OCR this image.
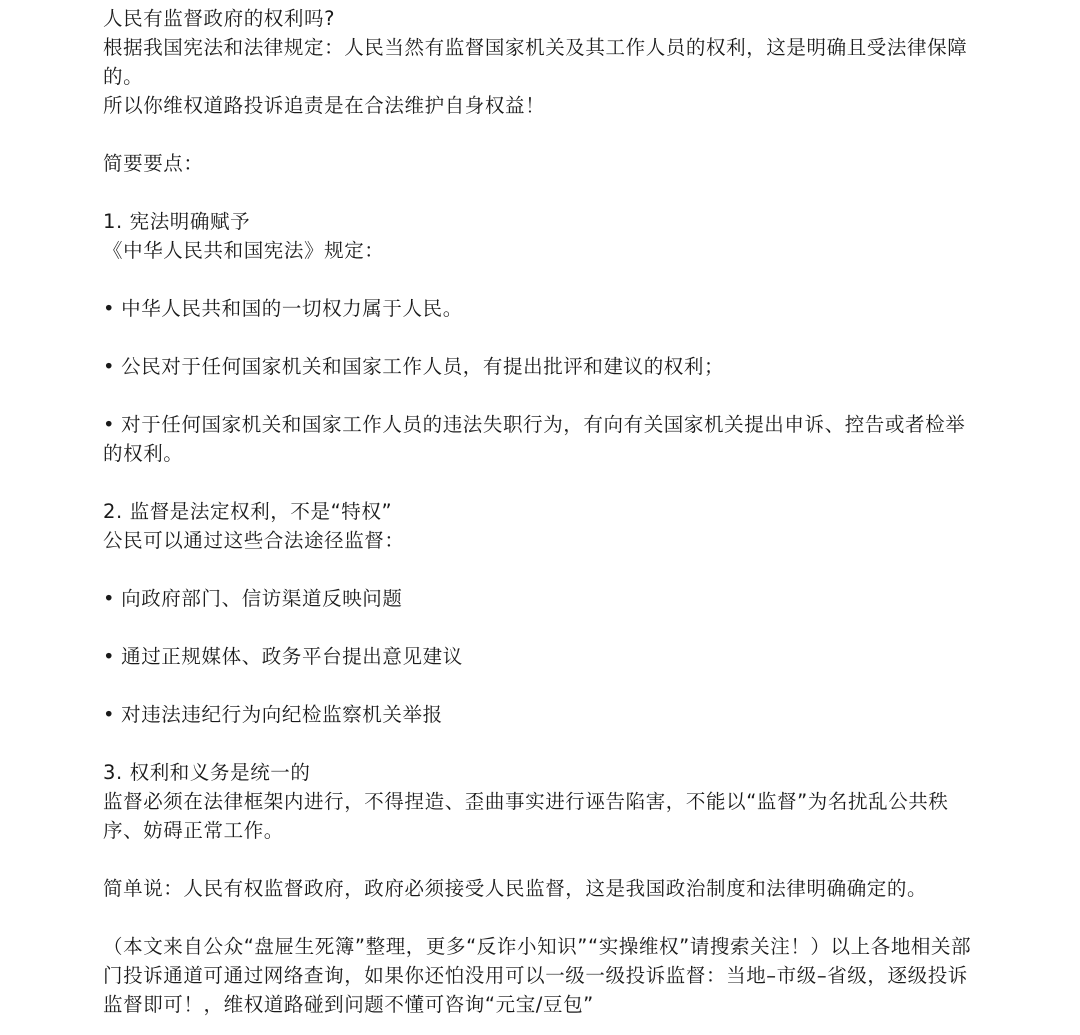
人民有监督政府的权利吗?

根据我国宪法和法律规定：人民当然有监督国家机关及其工作人员的权利，这是明确且受法律保障的。

所以你维权道路投诉追责是在合法维护自身权益！

简要要点：

1. 宪法明确赋予

《中华人民共和国宪法》规定：

• 中华人民共和国的一切权力属于人民。

• 公民对于任何国家机关和国家工作人员，有提出批评和建议的权利；

• 对于任何国家机关和国家工作人员的违法失职行为，有向有关国家机关提出申诉、控告或者检举的权利。

2. 监督是法定权利，不是“特权”

公民可以通过这些合法途径监督：

• 向政府部门、信访渠道反映问题

• 通过正规媒体、政务平台提出意见建议

• 对违法违纪行为向纪检监察机关举报

3. 权利和义务是统一的

监督必须在法律框架内进行，不得捏造、歪曲事实进行诬告陷害，不能以“监督”为名扰乱公共秩序、妨碍正常工作。

简单说：人民有权监督政府，政府必须接受人民监督，这是我国政治制度和法律明确确定的。

（本文来自公众“盘屉生死簿”整理，更多“反诈小知识”“实操维权”请搜索关注！）以上各地相关部门投诉通道可通过网络查询，如果你还怕没用可以一级一级投诉监督：当地–市级–省级，逐级投诉监督即可！，维权道路碰到问题不懂可咨询“元宝/豆包”
